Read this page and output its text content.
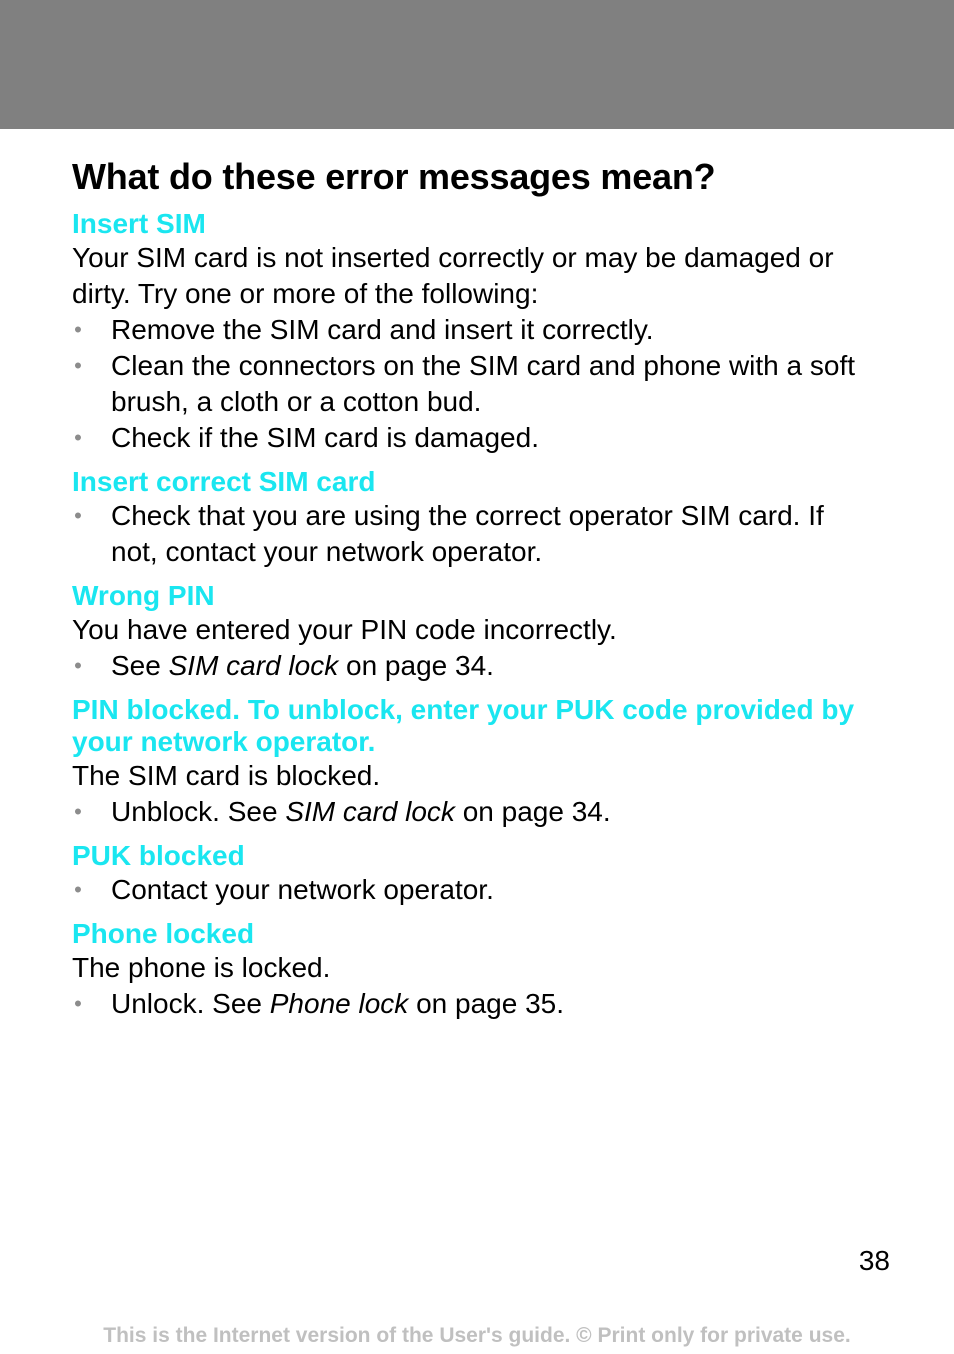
What do these error messages mean?
Insert SIM
Your SIM card is not inserted correctly or may be damaged or dirty. Try one or more of the following:
• Remove the SIM card and insert it correctly.
• Clean the connectors on the SIM card and phone with a soft brush, a cloth or a cotton bud.
• Check if the SIM card is damaged.
Insert correct SIM card
• Check that you are using the correct operator SIM card. If not, contact your network operator.
Wrong PIN
You have entered your PIN code incorrectly.
• See SIM card lock on page 34.
PIN blocked. To unblock, enter your PUK code provided by your network operator.
The SIM card is blocked.
• Unblock. See SIM card lock on page 34.
PUK blocked
• Contact your network operator.
Phone locked
The phone is locked.
• Unlock. See Phone lock on page 35.
38
This is the Internet version of the User's guide. © Print only for private use.
